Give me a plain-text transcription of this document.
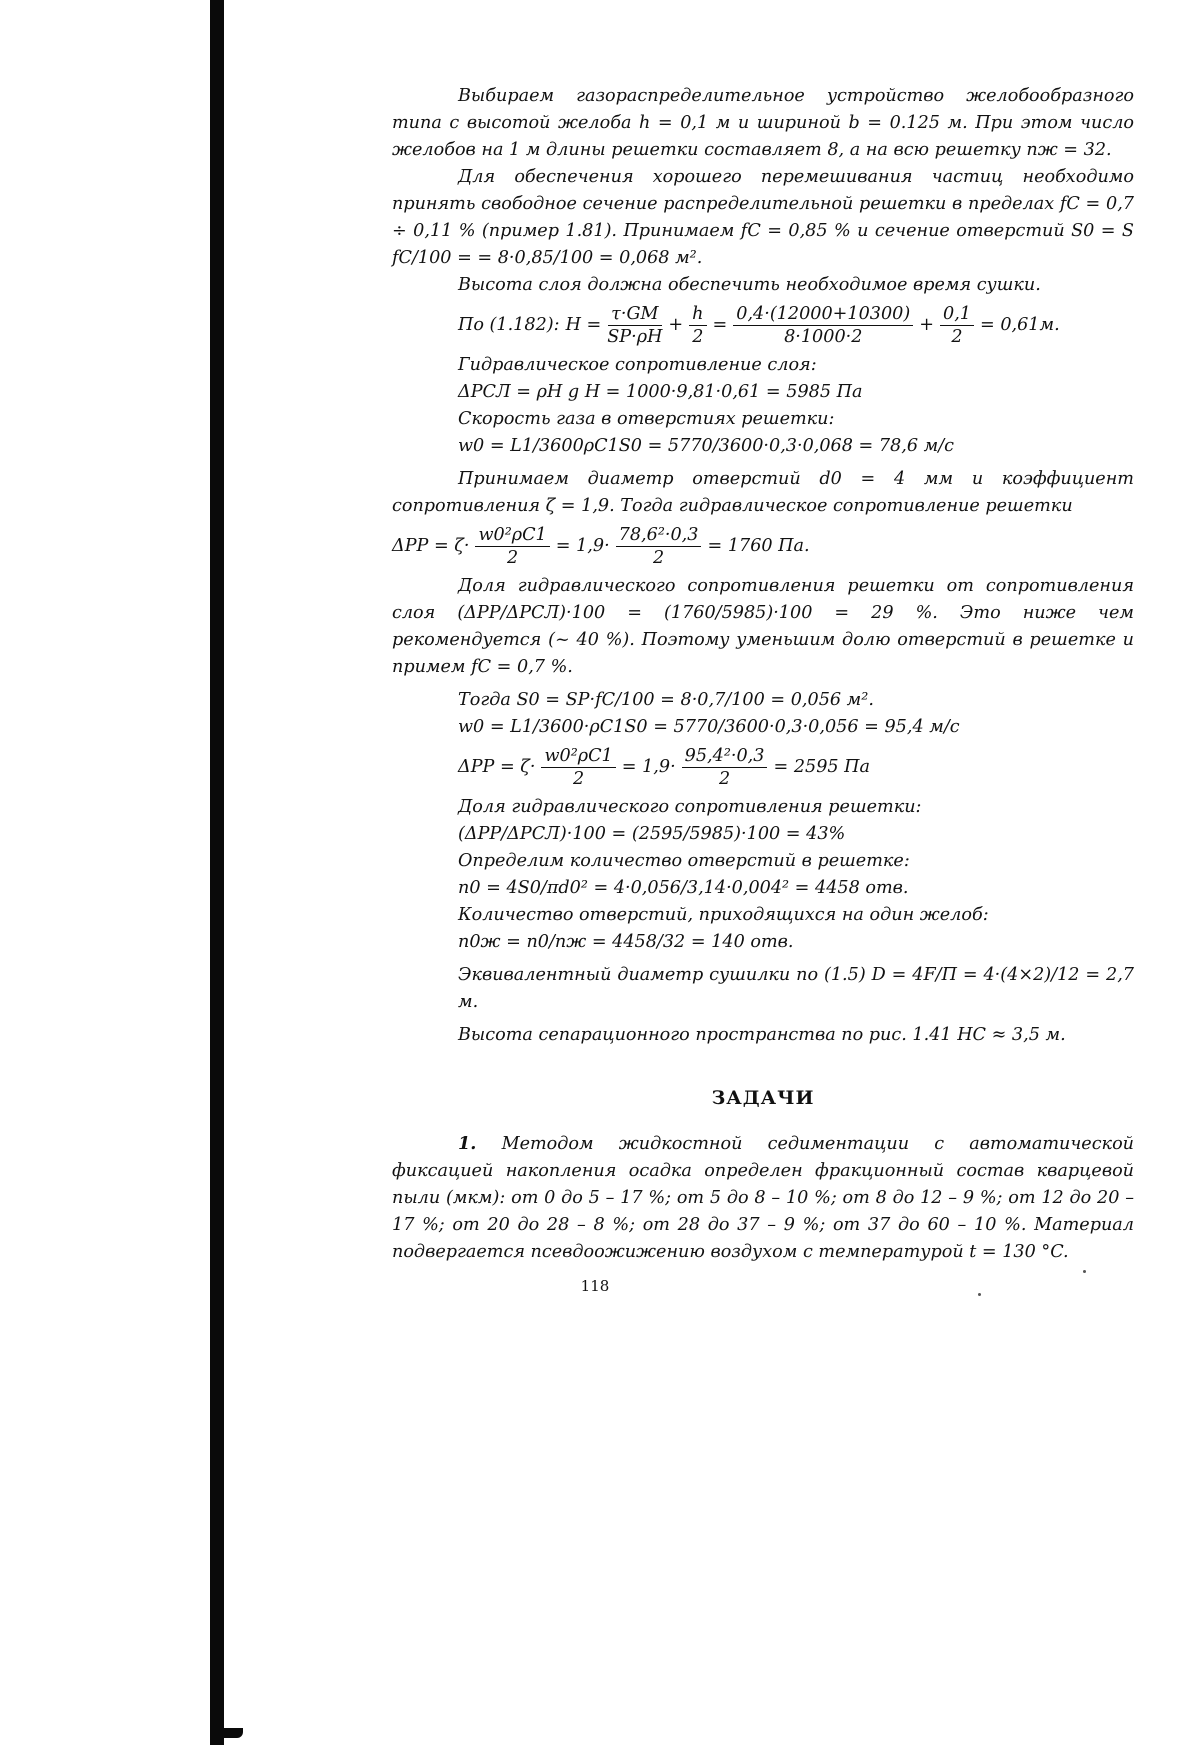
Выбираем газораспределительное устройство желобообразного типа с высотой желоба h = 0,1 м и шириной b = 0.125 м. При этом число желобов на 1 м длины решетки составляет 8, а на всю решетку nж = 32.

Для обеспечения хорошего перемешивания частиц необходимо принять свободное сечение распределительной решетки в пределах fC = 0,7 ÷ 0,11 % (пример 1.81). Принимаем fC = 0,85 % и сечение отверстий S0 = S fC/100 = = 8·0,85/100 = 0,068 м².

Высота слоя должна обеспечить необходимое время сушки.

По (1.182): $H = \frac{\tau\cdot GM}{SP\cdot\rho H} + \frac{h}{2} = \frac{0,4\cdot(12000+10300)}{8\cdot 1000\cdot 2} + \frac{0,1}{2} = 0,61м$.

Гидравлическое сопротивление слоя:

ΔPСЛ = ρH g H = 1000·9,81·0,61 = 5985 Па

Скорость газа в отверстиях решетки:

w0 = L1/3600ρC1S0 = 5770/3600·0,3·0,068 = 78,6 м/с

Принимаем диаметр отверстий d0 = 4 мм и коэффициент сопротивления ζ = 1,9. Тогда гидравлическое сопротивление решетки

$\Delta PP = \zeta\cdot \frac{\text{w0²ρC1}}{2} = 1,9\cdot \frac{\text{78,6²·0,3}}{2} = 1760$ Па.

Доля гидравлического сопротивления решетки от сопротивления слоя (ΔPP/ΔPСЛ)·100 = (1760/5985)·100 = 29 %. Это ниже чем рекомендуется (~ 40 %). Поэтому уменьшим долю отверстий в решетке и примем fC = 0,7 %.

Тогда S0 = SP·fC/100 = 8·0,7/100 = 0,056 м².

w0 = L1/3600·ρC1S0 = 5770/3600·0,3·0,056 = 95,4 м/с

$\Delta PP = \zeta\cdot \frac{\text{w0²ρC1}}{2} = 1,9\cdot \frac{\text{95,4²·0,3}}{2} = 2595$ Па

Доля гидравлического сопротивления решетки:

(ΔPP/ΔPСЛ)·100 = (2595/5985)·100 = 43%

Определим количество отверстий в решетке:

n0 = 4S0/πd0² = 4·0,056/3,14·0,004² = 4458 отв.

Количество отверстий, приходящихся на один желоб:

n0ж = n0/nж = 4458/32 = 140 отв.

Эквивалентный диаметр сушилки по (1.5) D = 4F/П = 4·(4×2)/12 = 2,7 м.

Высота сепарационного пространства по рис. 1.41 HC ≈ 3,5 м.

ЗАДАЧИ

1. Методом жидкостной седиментации с автоматической фиксацией накопления осадка определен фракционный состав кварцевой пыли (мкм): от 0 до 5 – 17 %; от 5 до 8 – 10 %; от 8 до 12 – 9 %; от 12 до 20 – 17 %; от 20 до 28 – 8 %; от 28 до 37 – 9 %; от 37 до 60 – 10 %. Материал подвергается псевдоожижению воздухом с температурой t = 130 °C.

118
